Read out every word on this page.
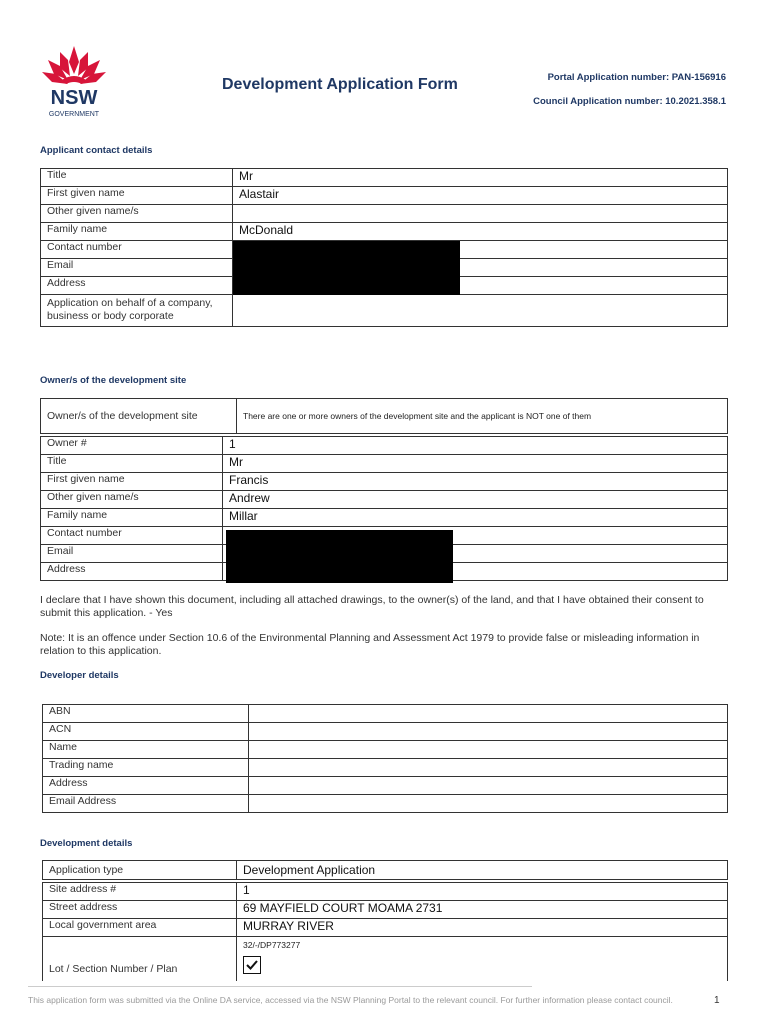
NSW
GOVERNMENT
Development Application Form	Portal Application number: PAN-156916
Council Application number: 10.2021.358.1
Applicant contact details
Title	Mr
First given name	Alastair
Other given name/s	
Family name	McDonald
Contact number	
Email	
Address	
Application on behalf of a company, business or body corporate	
Owner/s of the development site
Owner/s of the development site	There are one or more owners of the development site and the applicant is NOT one of them
Owner #	1
Title	Mr
First given name	Francis
Other given name/s	Andrew
Family name	Millar
Contact number	
Email	
Address	
I declare that I have shown this document, including all attached drawings, to the owner(s) of the land, and that I have obtained their consent to submit this application. - Yes
Note: It is an offence under Section 10.6 of the Environmental Planning and Assessment Act 1979 to provide false or misleading information in relation to this application.
Developer details
ABN	
ACN	
Name	
Trading name	
Address	
Email Address	
Development details
Application type	Development Application
Site address #	1
Street address	69 MAYFIELD COURT MOAMA 2731
Local government area	MURRAY RIVER
Lot / Section Number / Plan	32/-/DP773277
This application form was submitted via the Online DA service, accessed via the NSW Planning Portal to the relevant council. For further information please contact council.	1
